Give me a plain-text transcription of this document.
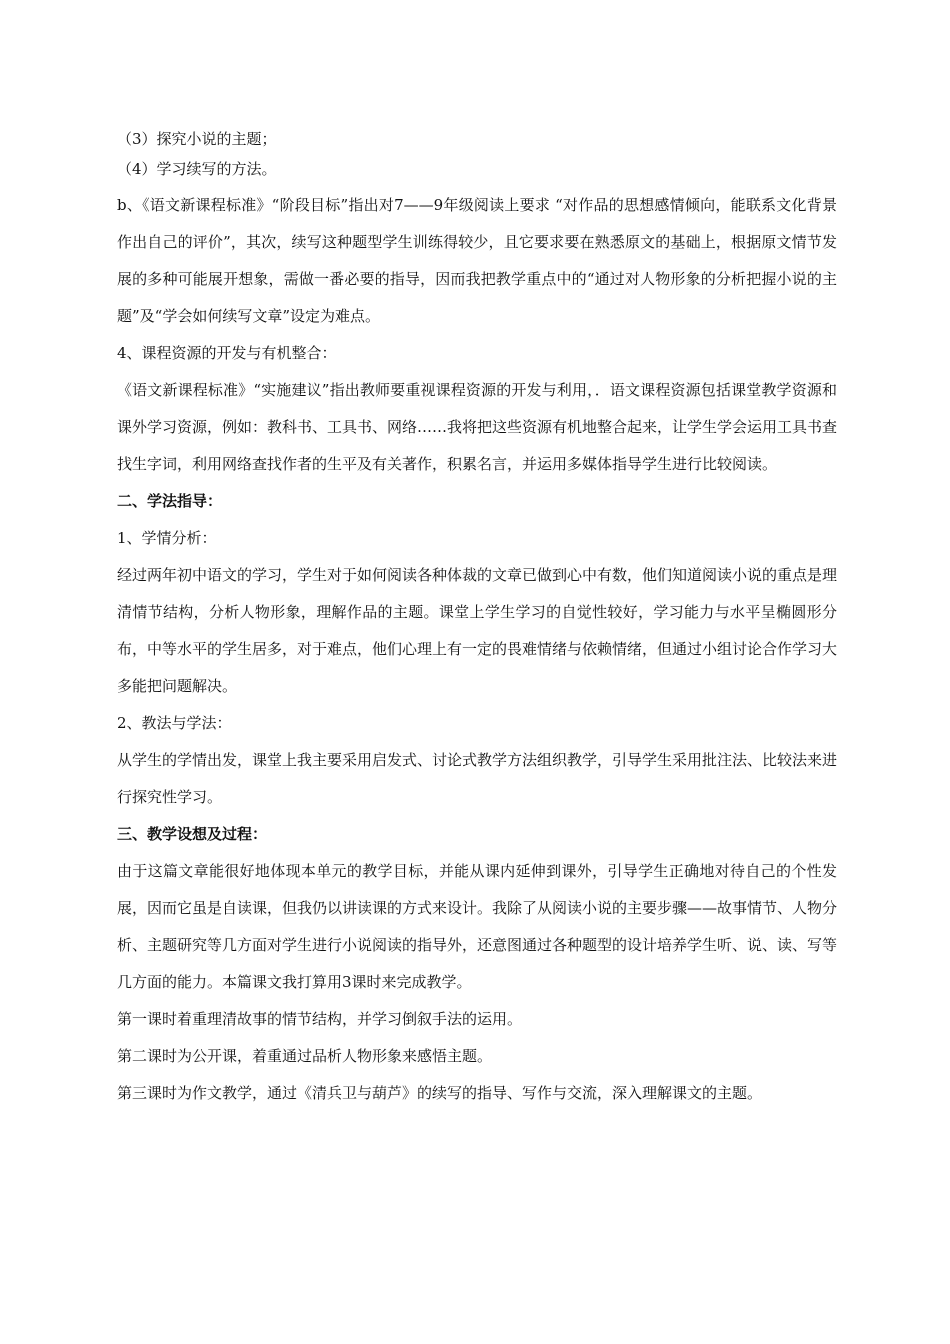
（3）探究小说的主题；
（4）学习续写的方法。
b、《语文新课程标准》“阶段目标”指出对7——9年级阅读上要求 “对作品的思想感情倾向，能联系文化背景作出自己的评价”，其次，续写这种题型学生训练得较少，且它要求要在熟悉原文的基础上，根据原文情节发展的多种可能展开想象，需做一番必要的指导，因而我把教学重点中的“通过对人物形象的分析把握小说的主题”及“学会如何续写文章”设定为难点。
4、课程资源的开发与有机整合：
《语文新课程标准》“实施建议”指出教师要重视课程资源的开发与利用，．语文课程资源包括课堂教学资源和课外学习资源，例如：教科书、工具书、网络……我将把这些资源有机地整合起来，让学生学会运用工具书查找生字词，利用网络查找作者的生平及有关著作，积累名言，并运用多媒体指导学生进行比较阅读。
二、学法指导：
1、学情分析：
经过两年初中语文的学习，学生对于如何阅读各种体裁的文章已做到心中有数，他们知道阅读小说的重点是理清情节结构，分析人物形象，理解作品的主题。课堂上学生学习的自觉性较好，学习能力与水平呈椭圆形分布，中等水平的学生居多，对于难点，他们心理上有一定的畏难情绪与依赖情绪，但通过小组讨论合作学习大多能把问题解决。
2、教法与学法：
从学生的学情出发，课堂上我主要采用启发式、讨论式教学方法组织教学，引导学生采用批注法、比较法来进行探究性学习。
三、教学设想及过程：
由于这篇文章能很好地体现本单元的教学目标，并能从课内延伸到课外，引导学生正确地对待自己的个性发展，因而它虽是自读课，但我仍以讲读课的方式来设计。我除了从阅读小说的主要步骤——故事情节、人物分析、主题研究等几方面对学生进行小说阅读的指导外，还意图通过各种题型的设计培养学生听、说、读、写等几方面的能力。本篇课文我打算用3课时来完成教学。
第一课时着重理清故事的情节结构，并学习倒叙手法的运用。
第二课时为公开课，着重通过品析人物形象来感悟主题。
第三课时为作文教学，通过《清兵卫与葫芦》的续写的指导、写作与交流，深入理解课文的主题。
